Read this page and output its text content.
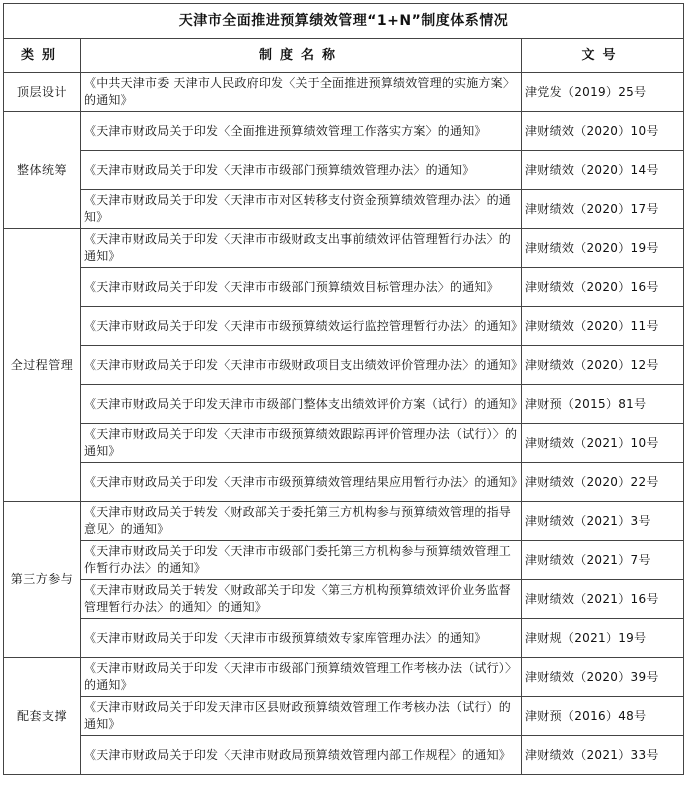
天津市全面推进预算绩效管理“1+N”制度体系情况		
类别	制度名称	文号
顶层设计	《中共天津市委 天津市人民政府印发〈关于全面推进预算绩效管理的实施方案〉的通知》	津党发（2019）25号
整体统筹	《天津市财政局关于印发〈全面推进预算绩效管理工作落实方案〉的通知》	津财绩效（2020）10号
	《天津市财政局关于印发〈天津市市级部门预算绩效管理办法〉的通知》	津财绩效（2020）14号
	《天津市财政局关于印发〈天津市市对区转移支付资金预算绩效管理办法〉的通知》	津财绩效（2020）17号
全过程管理	《天津市财政局关于印发〈天津市市级财政支出事前绩效评估管理暂行办法〉的通知》	津财绩效（2020）19号
	《天津市财政局关于印发〈天津市市级部门预算绩效目标管理办法〉的通知》	津财绩效（2020）16号
	《天津市财政局关于印发〈天津市市级预算绩效运行监控管理暂行办法〉的通知》	津财绩效（2020）11号
	《天津市财政局关于印发〈天津市市级财政项目支出绩效评价管理办法〉的通知》	津财绩效（2020）12号
	《天津市财政局关于印发天津市市级部门整体支出绩效评价方案（试行）的通知》	津财预（2015）81号
	《天津市财政局关于印发〈天津市市级预算绩效跟踪再评价管理办法（试行）〉的通知》	津财绩效（2021）10号
	《天津市财政局关于印发〈天津市市级预算绩效管理结果应用暂行办法〉的通知》	津财绩效（2020）22号
第三方参与	《天津市财政局关于转发〈财政部关于委托第三方机构参与预算绩效管理的指导意见〉的通知》	津财绩效（2021）3号
	《天津市财政局关于印发〈天津市市级部门委托第三方机构参与预算绩效管理工作暂行办法〉的通知》	津财绩效（2021）7号
	《天津市财政局关于转发〈财政部关于印发〈第三方机构预算绩效评价业务监督管理暂行办法〉的通知〉的通知》	津财绩效（2021）16号
	《天津市财政局关于印发〈天津市市级预算绩效专家库管理办法〉的通知》	津财规（2021）19号
配套支撑	《天津市财政局关于印发〈天津市市级部门预算绩效管理工作考核办法（试行）〉的通知》	津财绩效（2020）39号
	《天津市财政局关于印发天津市区县财政预算绩效管理工作考核办法（试行）的通知》	津财预（2016）48号
	《天津市财政局关于印发〈天津市财政局预算绩效管理内部工作规程〉的通知》	津财绩效（2021）33号
